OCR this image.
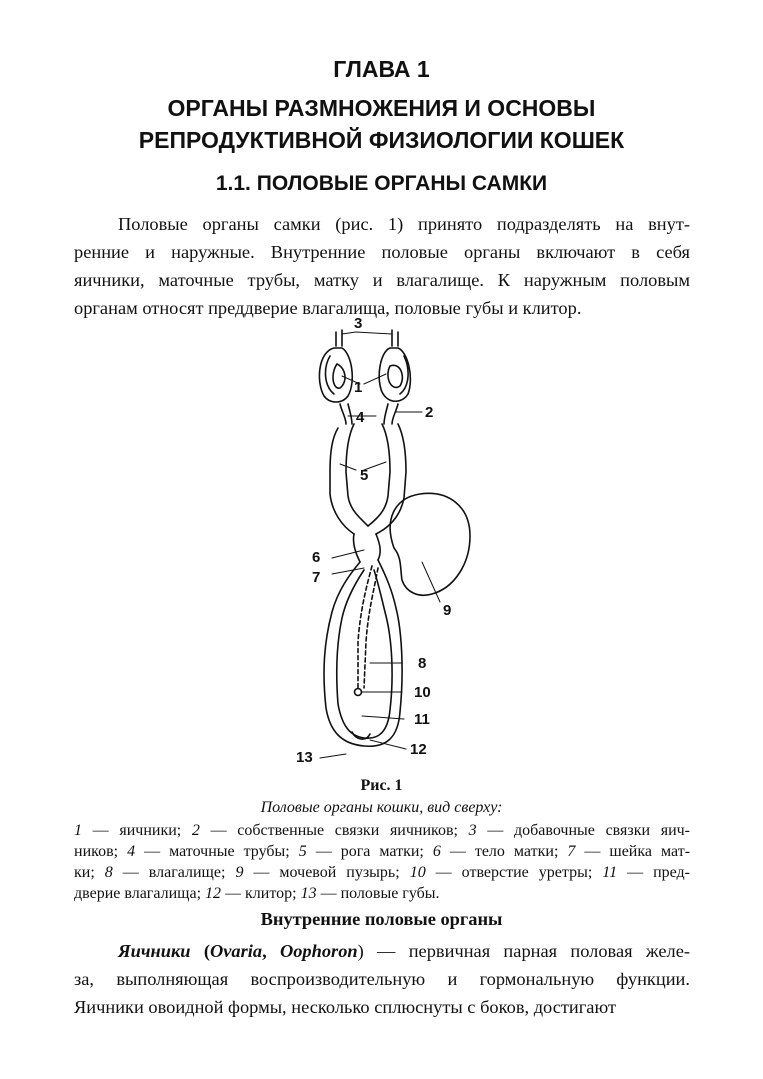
ГЛАВА 1
ОРГАНЫ РАЗМНОЖЕНИЯ И ОСНОВЫ
РЕПРОДУКТИВНОЙ ФИЗИОЛОГИИ КОШЕК
1.1. ПОЛОВЫЕ ОРГАНЫ САМКИ
Половые органы самки (рис. 1) принято подразделять на внут-
ренние и наружные. Внутренние половые органы включают в себя
яичники, маточные трубы, матку и влагалище. К наружным половым
органам относят преддверие влагалища, половые губы и клитор.
3
1
2
4
5
6
7
9
8
10
11
12
13
Рис. 1
Половые органы кошки, вид сверху:
1 — яичники; 2 — собственные связки яичников; 3 — добавочные связки яич-
ников; 4 — маточные трубы; 5 — рога матки; 6 — тело матки; 7 — шейка мат-
ки; 8 — влагалище; 9 — мочевой пузырь; 10 — отверстие уретры; 11 — пред-
дверие влагалища; 12 — клитор; 13 — половые губы.
Внутренние половые органы
Яичники (Ovaria, Oophoron) — первичная парная половая желе-
за, выполняющая воспроизводительную и гормональную функции.
Яичники овоидной формы, несколько сплюснуты с боков, достигают
